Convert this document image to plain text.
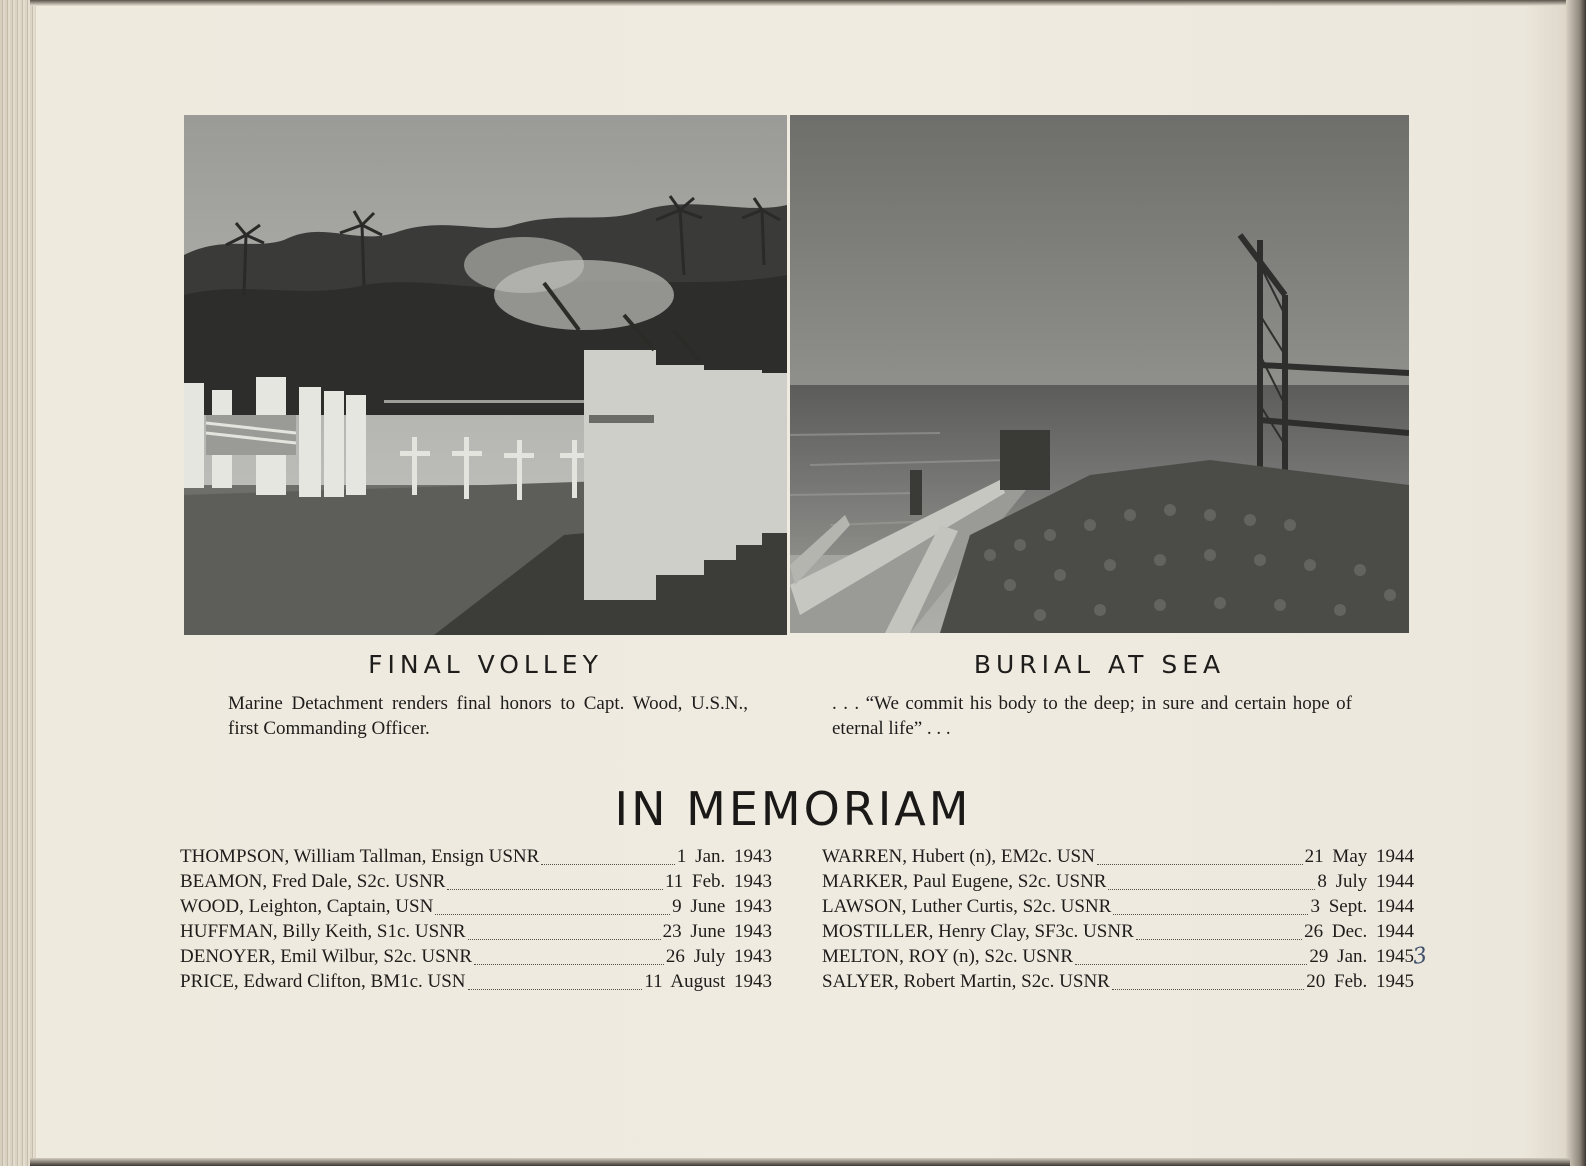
FINAL VOLLEY	BURIAL AT SEA
Marine Detachment renders final honors to Capt. Wood, U.S.N., first Commanding Officer.
. . . “We commit his body to the deep; in sure and certain hope of eternal life” . . .
IN MEMORIAM
THOMPSON, William Tallman, Ensign USNR	1 Jan. 1943
BEAMON, Fred Dale, S2c. USNR	11 Feb. 1943
WOOD, Leighton, Captain, USN	9 June 1943
HUFFMAN, Billy Keith, S1c. USNR	23 June 1943
DENOYER, Emil Wilbur, S2c. USNR	26 July 1943
PRICE, Edward Clifton, BM1c. USN	11 August 1943
WARREN, Hubert (n), EM2c. USN	21 May 1944
MARKER, Paul Eugene, S2c. USNR	8 July 1944
LAWSON, Luther Curtis, S2c. USNR	3 Sept. 1944
MOSTILLER, Henry Clay, SF3c. USNR	26 Dec. 1944
MELTON, ROY (n), S2c. USNR	29 Jan. 1945
SALYER, Robert Martin, S2c. USNR	20 Feb. 1945
3
